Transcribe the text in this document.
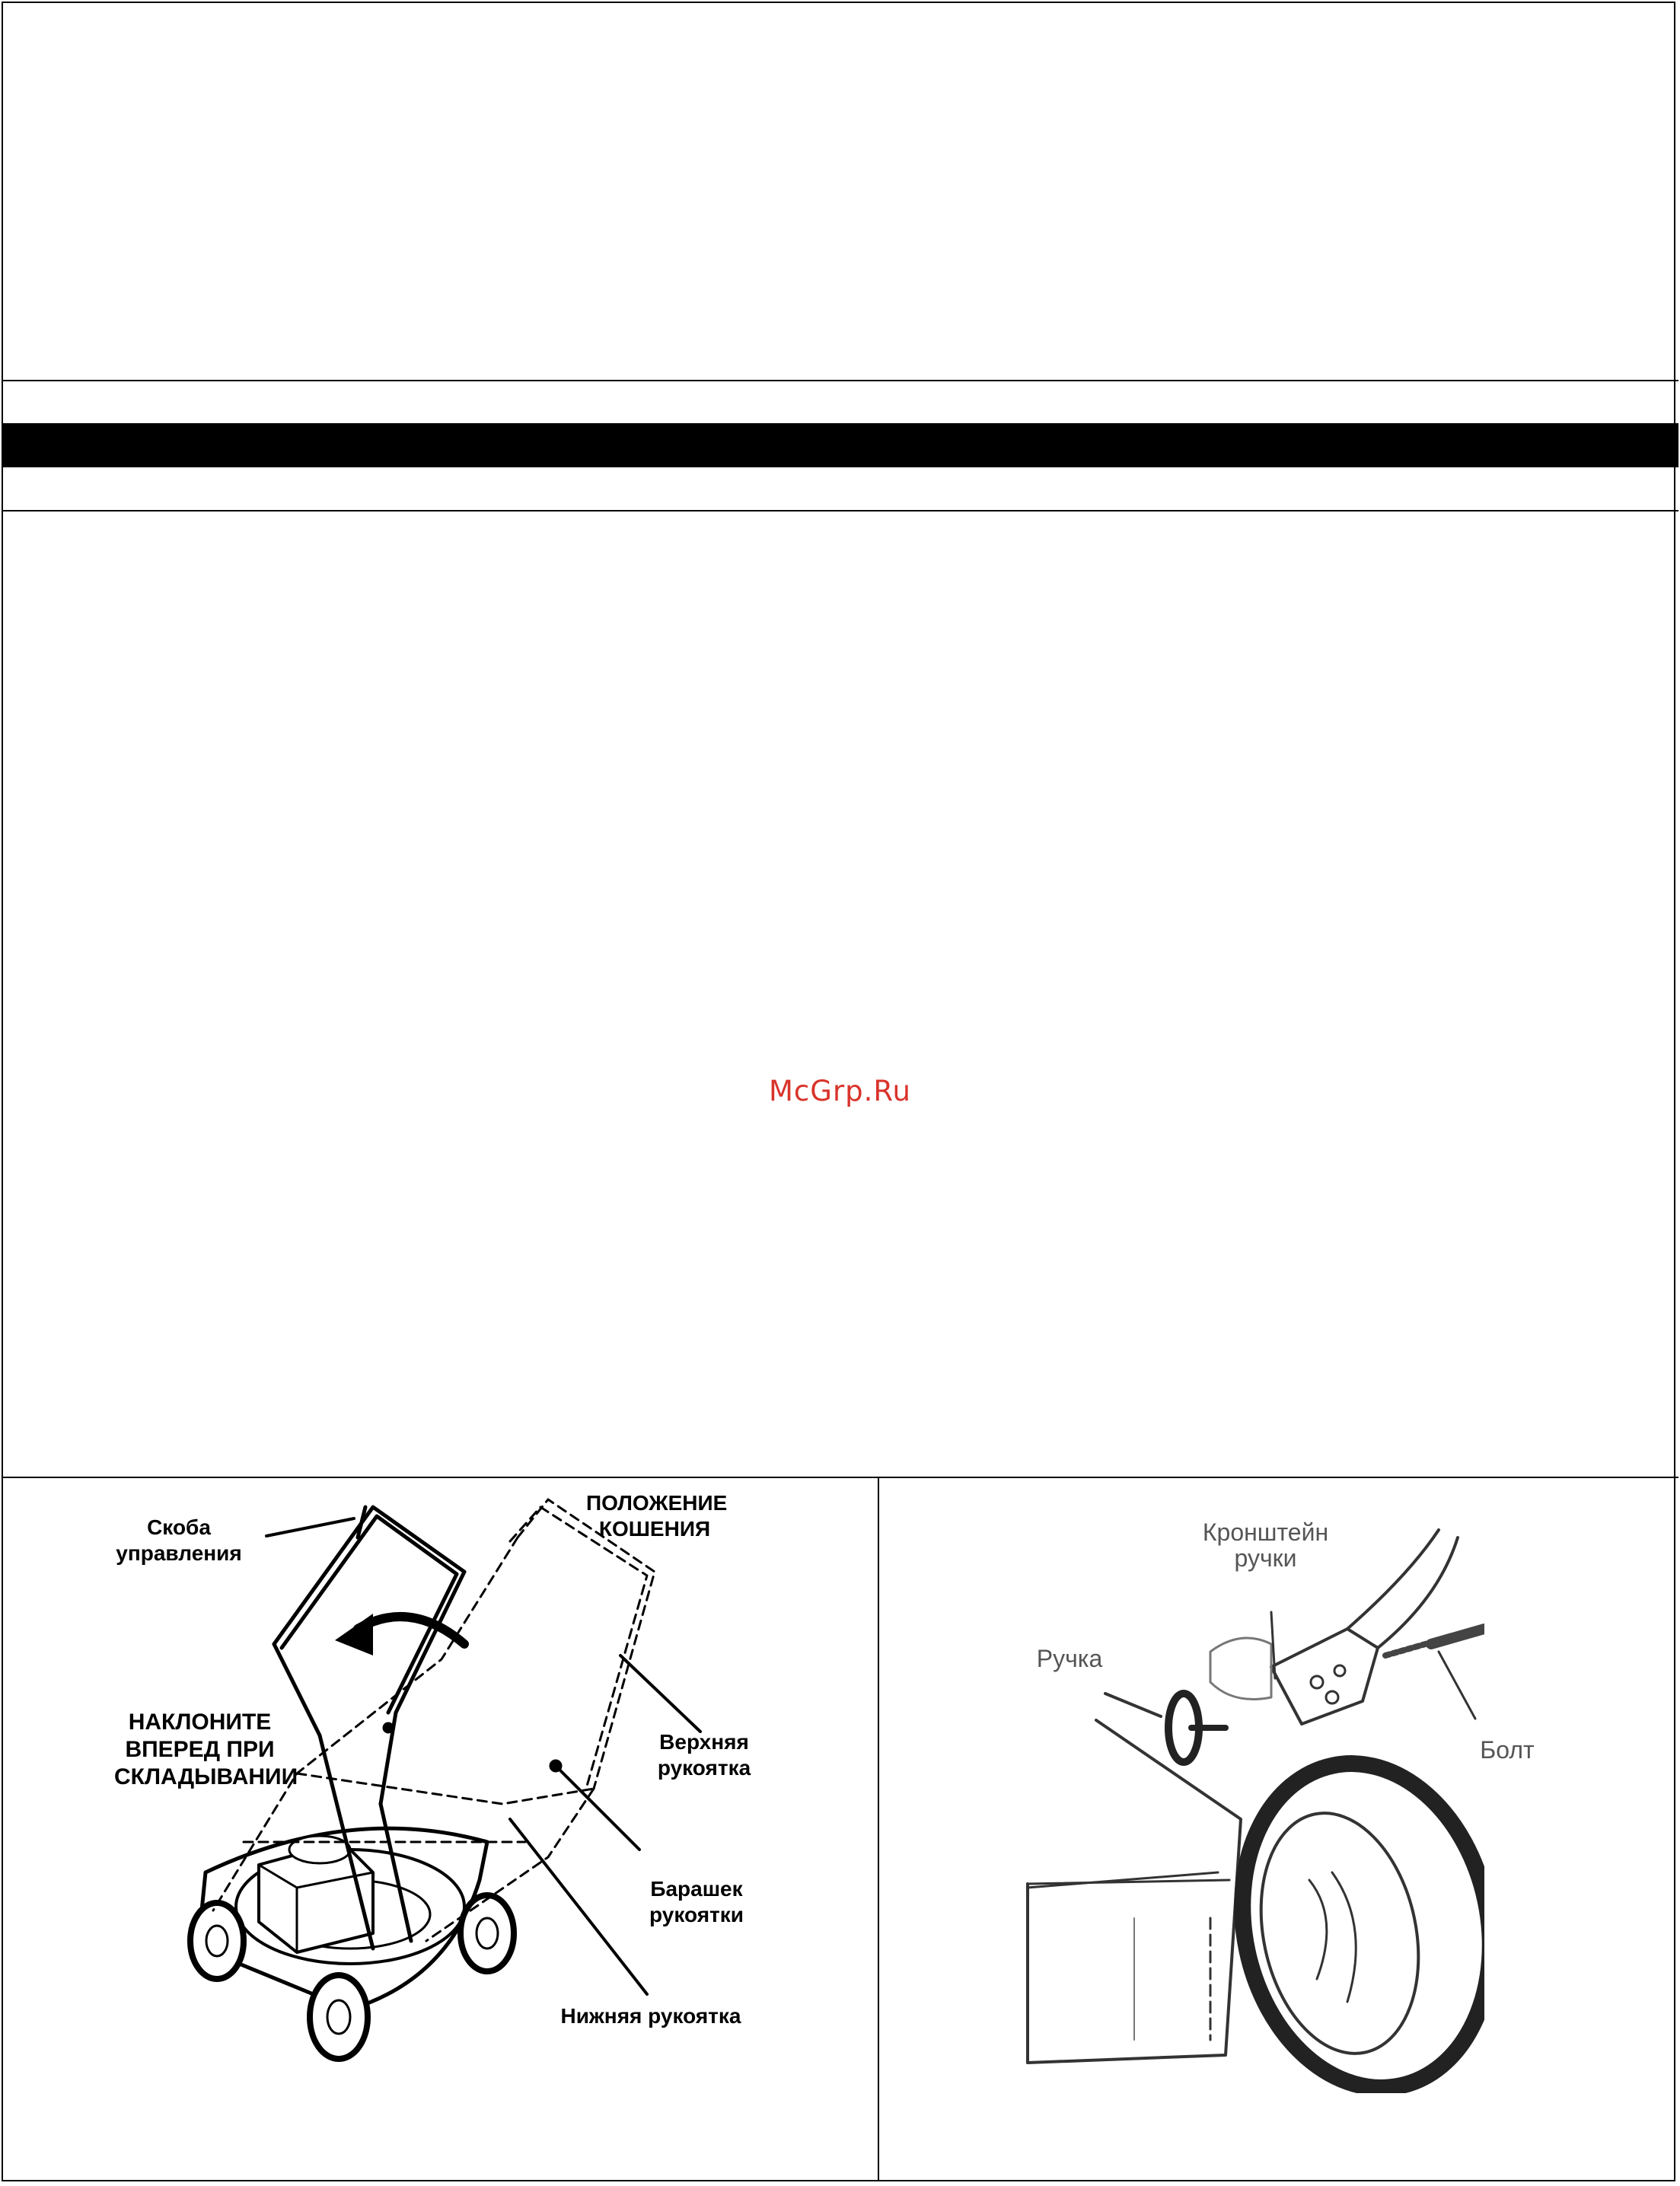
McGrp.Ru
Скоба управления
ПОЛОЖЕНИЕ КОШЕНИЯ
НАКЛОНИТЕ ВПЕРЕД ПРИ СКЛАДЫВАНИИ
Верхняя рукоятка
Барашек рукоятки
Нижняя рукоятка
Кронштейн ручки
Ручка
Болт
